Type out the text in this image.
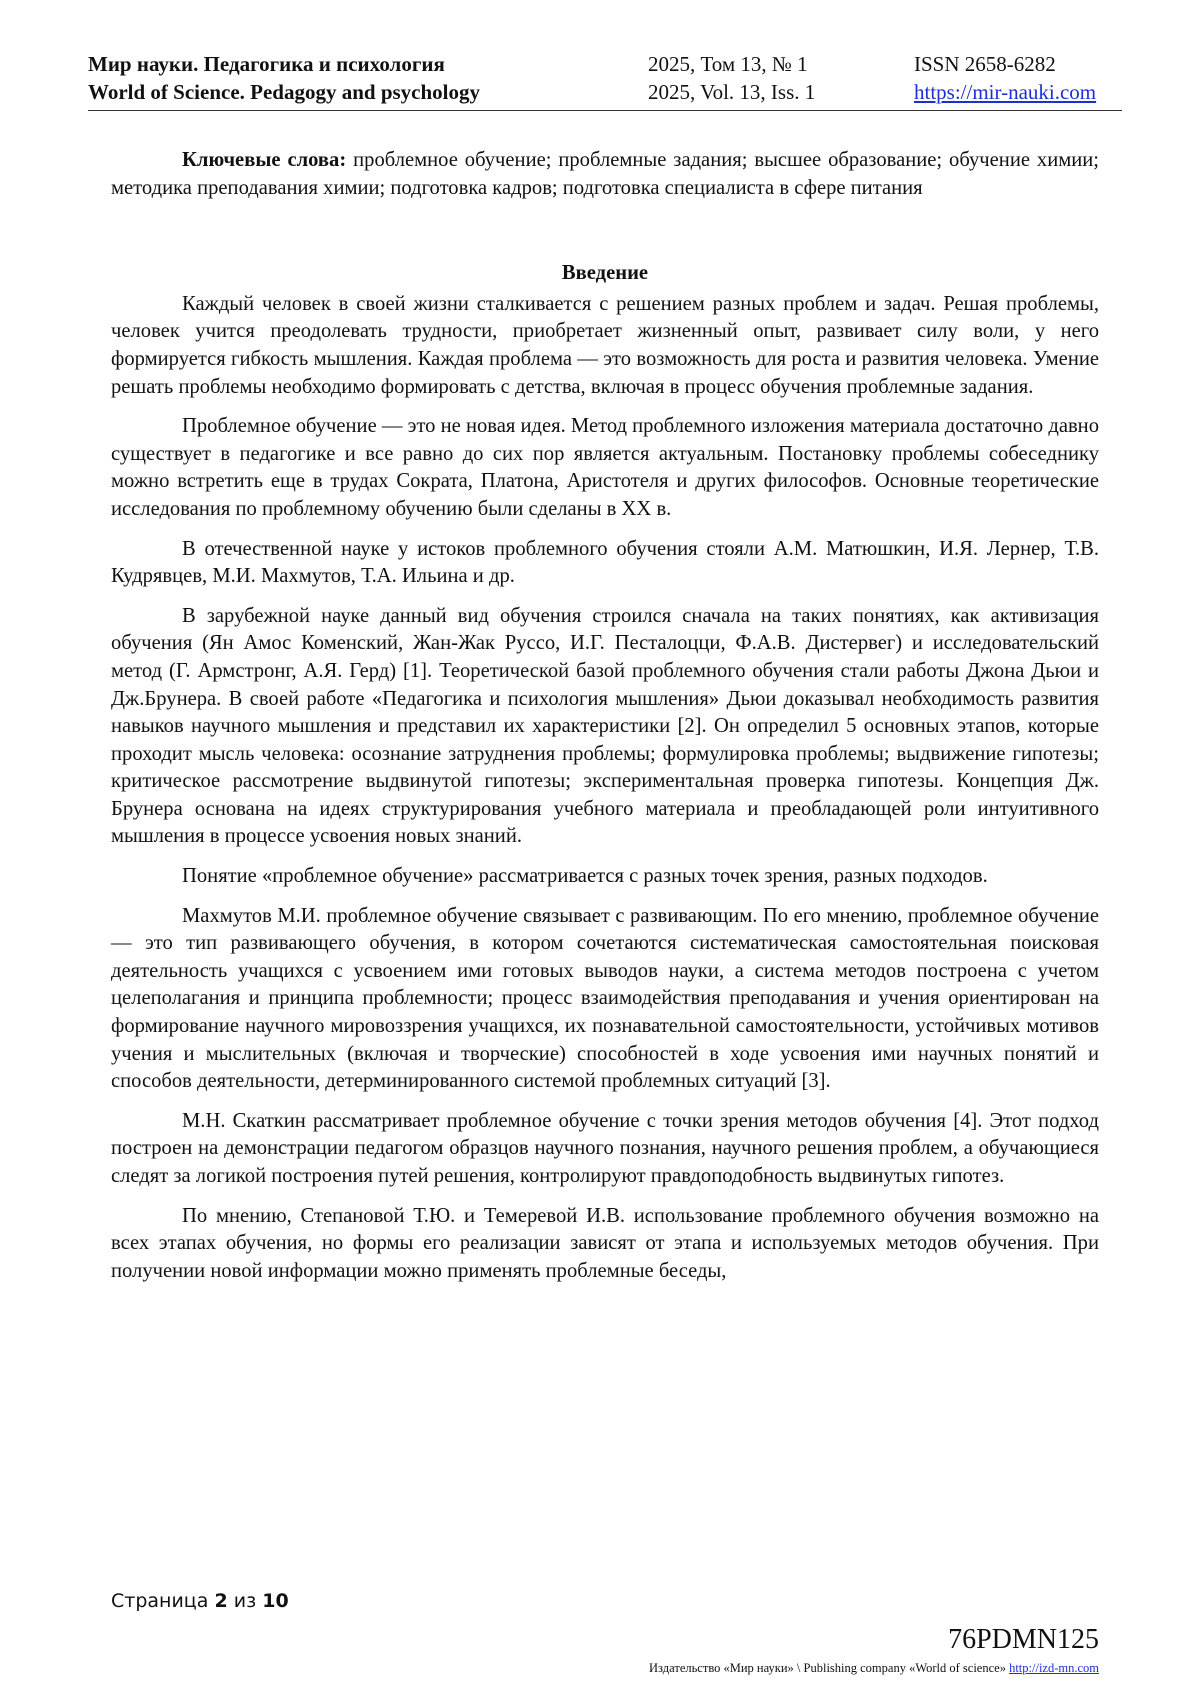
Мир науки. Педагогика и психология
World of Science. Pedagogy and psychology
2025, Том 13, № 1
2025, Vol. 13, Iss. 1
ISSN 2658-6282
https://mir-nauki.com

Ключевые слова: проблемное обучение; проблемные задания; высшее образование; обучение химии; методика преподавания химии; подготовка кадров; подготовка специалиста в сфере питания

Введение

Каждый человек в своей жизни сталкивается с решением разных проблем и задач. Решая проблемы, человек учится преодолевать трудности, приобретает жизненный опыт, развивает силу воли, у него формируется гибкость мышления. Каждая проблема — это возможность для роста и развития человека. Умение решать проблемы необходимо формировать с детства, включая в процесс обучения проблемные задания.

Проблемное обучение — это не новая идея. Метод проблемного изложения материала достаточно давно существует в педагогике и все равно до сих пор является актуальным. Постановку проблемы собеседнику можно встретить еще в трудах Сократа, Платона, Аристотеля и других философов. Основные теоретические исследования по проблемному обучению были сделаны в XX в.

В отечественной науке у истоков проблемного обучения стояли А.М. Матюшкин, И.Я. Лернер, Т.В. Кудрявцев, М.И. Махмутов, Т.А. Ильина и др.

В зарубежной науке данный вид обучения строился сначала на таких понятиях, как активизация обучения (Ян Амос Коменский, Жан-Жак Руссо, И.Г. Песталоцци, Ф.А.В. Дистервег) и исследовательский метод (Г. Армстронг, А.Я. Герд) [1]. Теоретической базой проблемного обучения стали работы Джона Дьюи и Дж.Брунера. В своей работе «Педагогика и психология мышления» Дьюи доказывал необходимость развития навыков научного мышления и представил их характеристики [2]. Он определил 5 основных этапов, которые проходит мысль человека: осознание затруднения проблемы; формулировка проблемы; выдвижение гипотезы; критическое рассмотрение выдвинутой гипотезы; экспериментальная проверка гипотезы. Концепция Дж. Брунера основана на идеях структурирования учебного материала и преобладающей роли интуитивного мышления в процессе усвоения новых знаний.

Понятие «проблемное обучение» рассматривается с разных точек зрения, разных подходов.

Махмутов М.И. проблемное обучение связывает с развивающим. По его мнению, проблемное обучение — это тип развивающего обучения, в котором сочетаются систематическая самостоятельная поисковая деятельность учащихся с усвоением ими готовых выводов науки, а система методов построена с учетом целеполагания и принципа проблемности; процесс взаимодействия преподавания и учения ориентирован на формирование научного мировоззрения учащихся, их познавательной самостоятельности, устойчивых мотивов учения и мыслительных (включая и творческие) способностей в ходе усвоения ими научных понятий и способов деятельности, детерминированного системой проблемных ситуаций [3].

М.Н. Скаткин рассматривает проблемное обучение с точки зрения методов обучения [4]. Этот подход построен на демонстрации педагогом образцов научного познания, научного решения проблем, а обучающиеся следят за логикой построения путей решения, контролируют правдоподобность выдвинутых гипотез.

По мнению, Степановой Т.Ю. и Темеревой И.В. использование проблемного обучения возможно на всех этапах обучения, но формы его реализации зависят от этапа и используемых методов обучения. При получении новой информации можно применять проблемные беседы,

Страница 2 из 10
76PDMN125
Издательство «Мир науки» \ Publishing company «World of science» http://izd-mn.com
